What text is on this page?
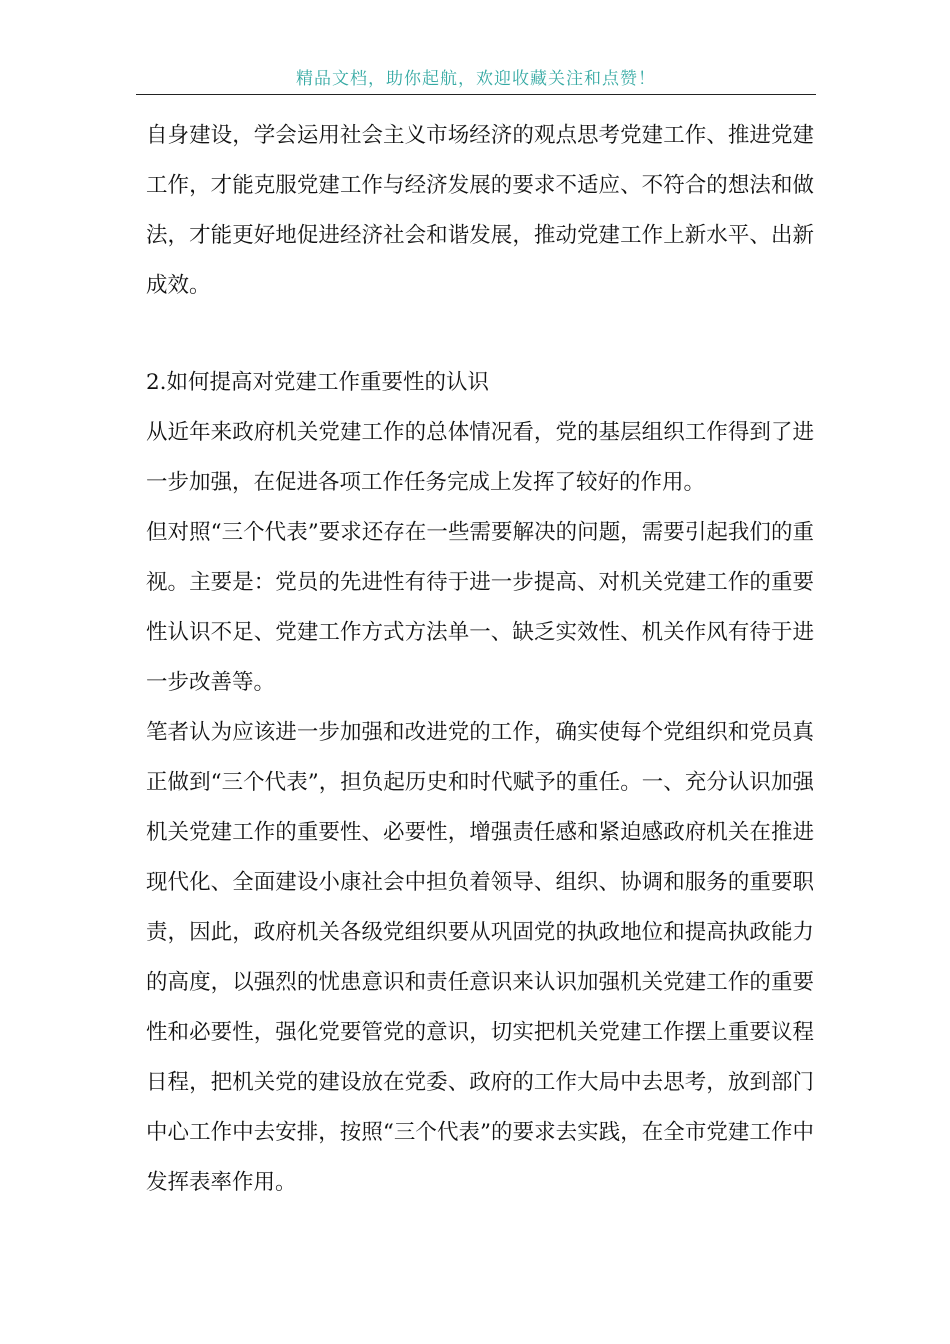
精品文档，助你起航，欢迎收藏关注和点赞！

自身建设，学会运用社会主义市场经济的观点思考党建工作、推进党建工作，才能克服党建工作与经济发展的要求不适应、不符合的想法和做法，才能更好地促进经济社会和谐发展，推动党建工作上新水平、出新成效。

2.如何提高对党建工作重要性的认识

从近年来政府机关党建工作的总体情况看，党的基层组织工作得到了进一步加强，在促进各项工作任务完成上发挥了较好的作用。

但对照“三个代表”要求还存在一些需要解决的问题，需要引起我们的重视。主要是：党员的先进性有待于进一步提高、对机关党建工作的重要性认识不足、党建工作方式方法单一、缺乏实效性、机关作风有待于进一步改善等。

笔者认为应该进一步加强和改进党的工作，确实使每个党组织和党员真正做到“三个代表”，担负起历史和时代赋予的重任。一、充分认识加强机关党建工作的重要性、必要性，增强责任感和紧迫感政府机关在推进现代化、全面建设小康社会中担负着领导、组织、协调和服务的重要职责，因此，政府机关各级党组织要从巩固党的执政地位和提高执政能力的高度，以强烈的忧患意识和责任意识来认识加强机关党建工作的重要性和必要性，强化党要管党的意识，切实把机关党建工作摆上重要议程日程，把机关党的建设放在党委、政府的工作大局中去思考，放到部门中心工作中去安排，按照“三个代表”的要求去实践，在全市党建工作中发挥表率作用。
